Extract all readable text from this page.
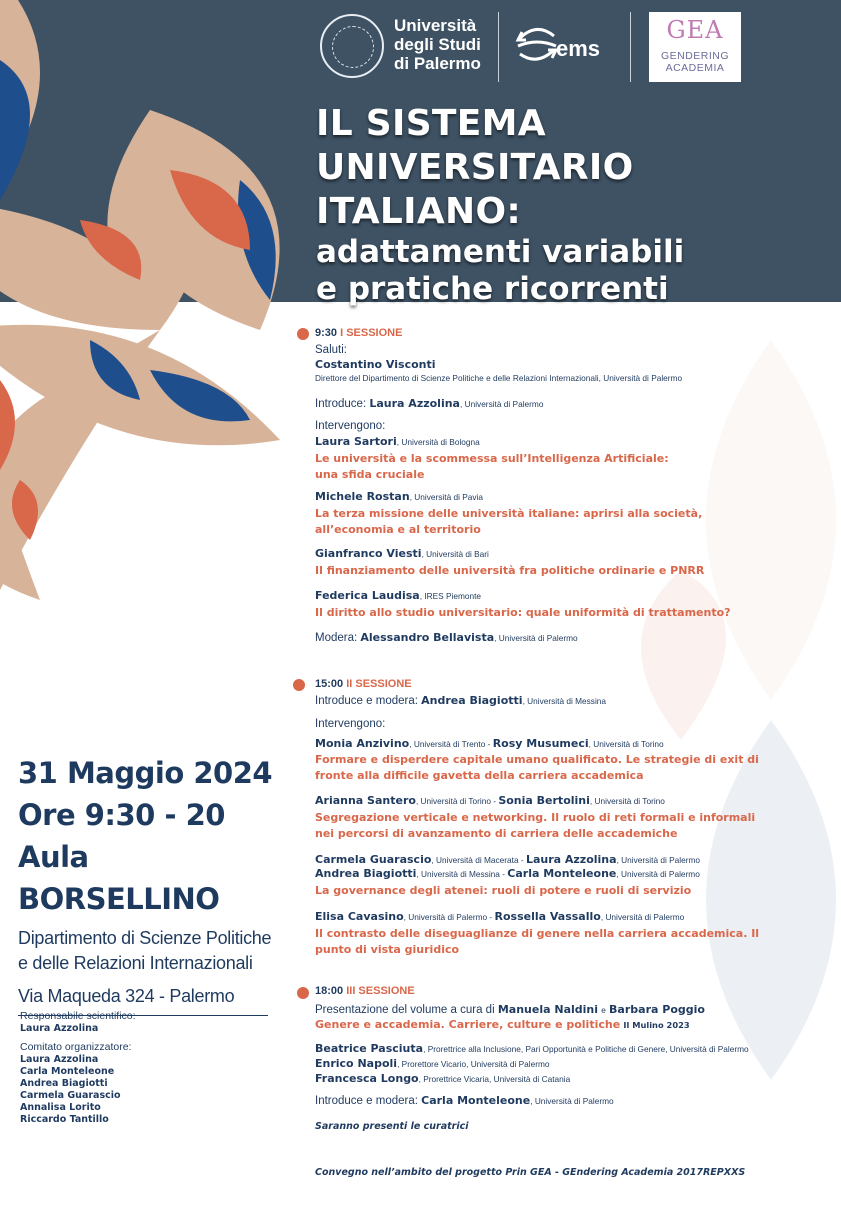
Università
degli Studi
di Palermo
ems
GEA
GENDERING
ACADEMIA
IL SISTEMA
UNIVERSITARIO
ITALIANO:
adattamenti variabili
e pratiche ricorrenti
9:30 I SESSIONE
Saluti:
Costantino Visconti
Direttore del Dipartimento di Scienze Politiche e delle Relazioni Internazionali, Università di Palermo
Introduce: Laura Azzolina, Università di Palermo
Intervengono:
Laura Sartori, Università di Bologna
Le università e la scommessa sull’Intelligenza Artificiale:
una sfida cruciale
Michele Rostan, Università di Pavia
La terza missione delle università italiane: aprirsi alla società,
all’economia e al territorio
Gianfranco Viesti, Università di Bari
Il finanziamento delle università fra politiche ordinarie e PNRR
Federica Laudisa, IRES Piemonte
Il diritto allo studio universitario: quale uniformità di trattamento?
Modera: Alessandro Bellavista, Università di Palermo
15:00 II SESSIONE
Introduce e modera: Andrea Biagiotti, Università di Messina
Intervengono:
Monia Anzivino, Università di Trento - Rosy Musumeci, Università di Torino
Formare e disperdere capitale umano qualificato. Le strategie di exit di
fronte alla difficile gavetta della carriera accademica
Arianna Santero, Università di Torino - Sonia Bertolini, Università di Torino
Segregazione verticale e networking. Il ruolo di reti formali e informali
nei percorsi di avanzamento di carriera delle accademiche
Carmela Guarascio, Università di Macerata - Laura Azzolina, Università di Palermo
Andrea Biagiotti, Università di Messina - Carla Monteleone, Università di Palermo
La governance degli atenei: ruoli di potere e ruoli di servizio
Elisa Cavasino, Università di Palermo - Rossella Vassallo, Università di Palermo
Il contrasto delle diseguaglianze di genere nella carriera accademica. Il
punto di vista giuridico
18:00 III SESSIONE
Presentazione del volume a cura di Manuela Naldini e Barbara Poggio
Genere e accademia. Carriere, culture e politiche Il Mulino 2023
Beatrice Pasciuta, Prorettrice alla Inclusione, Pari Opportunità e Politiche di Genere, Università di Palermo
Enrico Napoli, Prorettore Vicario, Università di Palermo
Francesca Longo, Prorettrice Vicaria, Università di Catania
Introduce e modera: Carla Monteleone, Università di Palermo
Saranno presenti le curatrici
31 Maggio 2024
Ore 9:30 - 20
Aula BORSELLINO
Dipartimento di Scienze Politiche
e delle Relazioni Internazionali
Via Maqueda 324 - Palermo
Responsabile scientifico:
Laura Azzolina
Comitato organizzatore:
Laura Azzolina
Carla Monteleone
Andrea Biagiotti
Carmela Guarascio
Annalisa Lorito
Riccardo Tantillo
Convegno nell’ambito del progetto Prin GEA - GEndering Academia 2017REPXXS
